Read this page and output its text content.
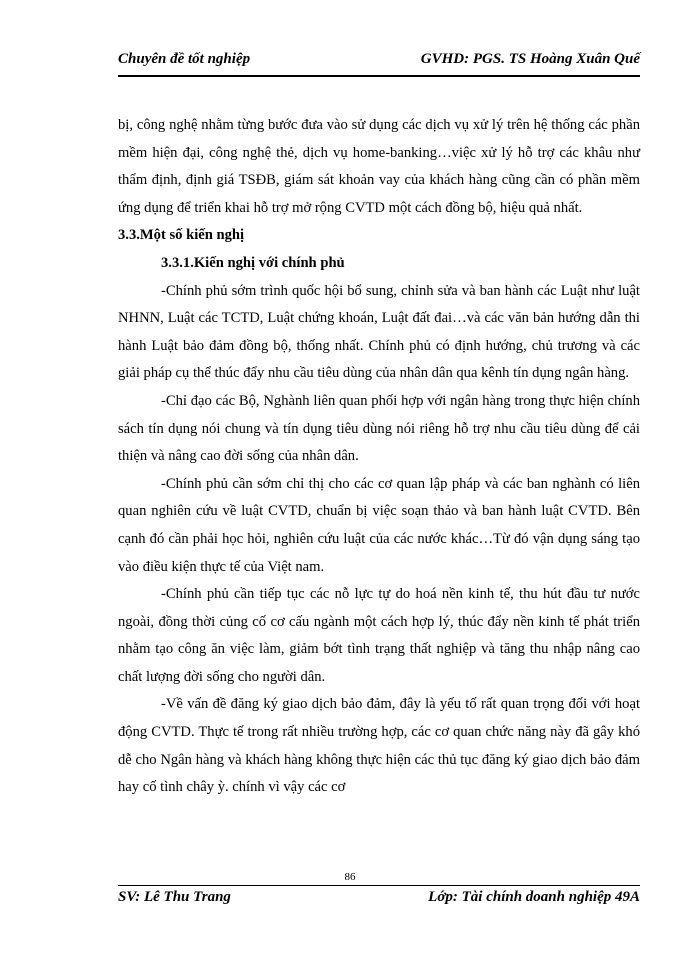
Chuyên đề tốt nghiệp	GVHD: PGS. TS Hoàng Xuân Quế

bị, công nghệ nhằm từng bước đưa vào sử dụng các dịch vụ xử lý trên hệ thống các phần mềm hiện đại, công nghệ thẻ, dịch vụ home-banking…việc xử lý hỗ trợ các khâu như thẩm định, định giá TSĐB, giám sát khoản vay của khách hàng cũng cần có phần mềm ứng dụng để triển khai hỗ trợ mở rộng CVTD một cách đồng bộ, hiệu quả nhất.

3.3.Một số kiến nghị

3.3.1.Kiến nghị với chính phủ

-Chính phủ sớm trình quốc hội bổ sung, chỉnh sửa và ban hành các Luật như luật NHNN, Luật các TCTD, Luật chứng khoán, Luật đất đai…và các văn bản hướng dẫn thi hành Luật bảo đảm đồng bộ, thống nhất. Chính phủ có định hướng, chủ trương và các giải pháp cụ thể thúc đẩy nhu cầu tiêu dùng của nhân dân qua kênh tín dụng ngân hàng.

-Chỉ đạo các Bộ, Nghành liên quan phối hợp với ngân hàng trong thực hiện chính sách tín dụng nói chung và tín dụng tiêu dùng nói riêng hỗ trợ nhu cầu tiêu dùng để cải thiện và nâng cao đời sống của nhân dân.

-Chính phủ cần sớm chỉ thị cho các cơ quan lập pháp và các ban nghành có liên quan nghiên cứu về luật CVTD, chuẩn bị việc soạn thảo và ban hành luật CVTD. Bên cạnh đó cần phải học hỏi, nghiên cứu luật của các nước khác…Từ đó vận dụng sáng tạo vào điều kiện thực tế của Việt nam.

-Chính phủ cần tiếp tục các nỗ lực tự do hoá nền kinh tế, thu hút đầu tư nước ngoài, đồng thời củng cố cơ cấu ngành một cách hợp lý, thúc đẩy nền kinh tế phát triển nhằm tạo công ăn việc làm, giảm bớt tình trạng thất nghiệp và tăng thu nhập nâng cao chất lượng đời sống cho người dân.

-Về vấn đề đăng ký giao dịch bảo đảm, đây là yếu tố rất quan trọng đối với hoạt động CVTD. Thực tế trong rất nhiều trường hợp, các cơ quan chức năng này đã gây khó dễ cho Ngân hàng và khách hàng không thực hiện các thủ tục đăng ký giao dịch bảo đảm hay cố tình chây ỳ. chính vì vậy các cơ

86
SV: Lê Thu Trang	Lớp: Tài chính doanh nghiệp 49A
